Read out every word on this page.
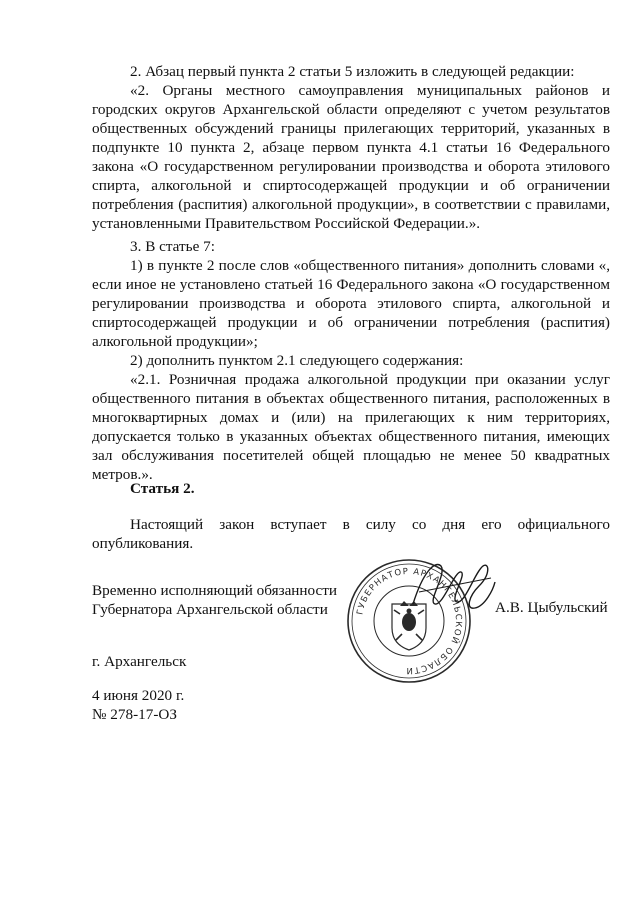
2. Абзац первый пункта 2 статьи 5 изложить в следующей редакции:

«2. Органы местного самоуправления муниципальных районов и городских округов Архангельской области определяют с учетом результатов общественных обсуждений границы прилегающих территорий, указанных в подпункте 10 пункта 2, абзаце первом пункта 4.1 статьи 16 Федерального закона «О государственном регулировании производства и оборота этилового спирта, алкогольной и спиртосодержащей продукции и об ограничении потребления (распития) алкогольной продукции», в соответствии с правилами, установленными Правительством Российской Федерации.».

3. В статье 7:

1) в пункте 2 после слов «общественного питания» дополнить словами «, если иное не установлено статьей 16 Федерального закона «О государственном регулировании производства и оборота этилового спирта, алкогольной и спиртосодержащей продукции и об ограничении потребления (распития) алкогольной продукции»;

2) дополнить пунктом 2.1 следующего содержания:

«2.1. Розничная продажа алкогольной продукции при оказании услуг общественного питания в объектах общественного питания, расположенных в многоквартирных домах и (или) на прилегающих к ним территориях, допускается только в указанных объектах общественного питания, имеющих зал обслуживания посетителей общей площадью не менее 50 квадратных метров.».

Статья 2.

Настоящий закон вступает в силу со дня его официального опубликования.

Временно исполняющий обязанности
Губернатора Архангельской области	ГУБЕРНАТОР АРХАНГЕЛЬСКОЙ ОБЛАСТИ
А.В. Цыбульский
г. Архангельск
4 июня 2020 г.
№ 278-17-ОЗ
